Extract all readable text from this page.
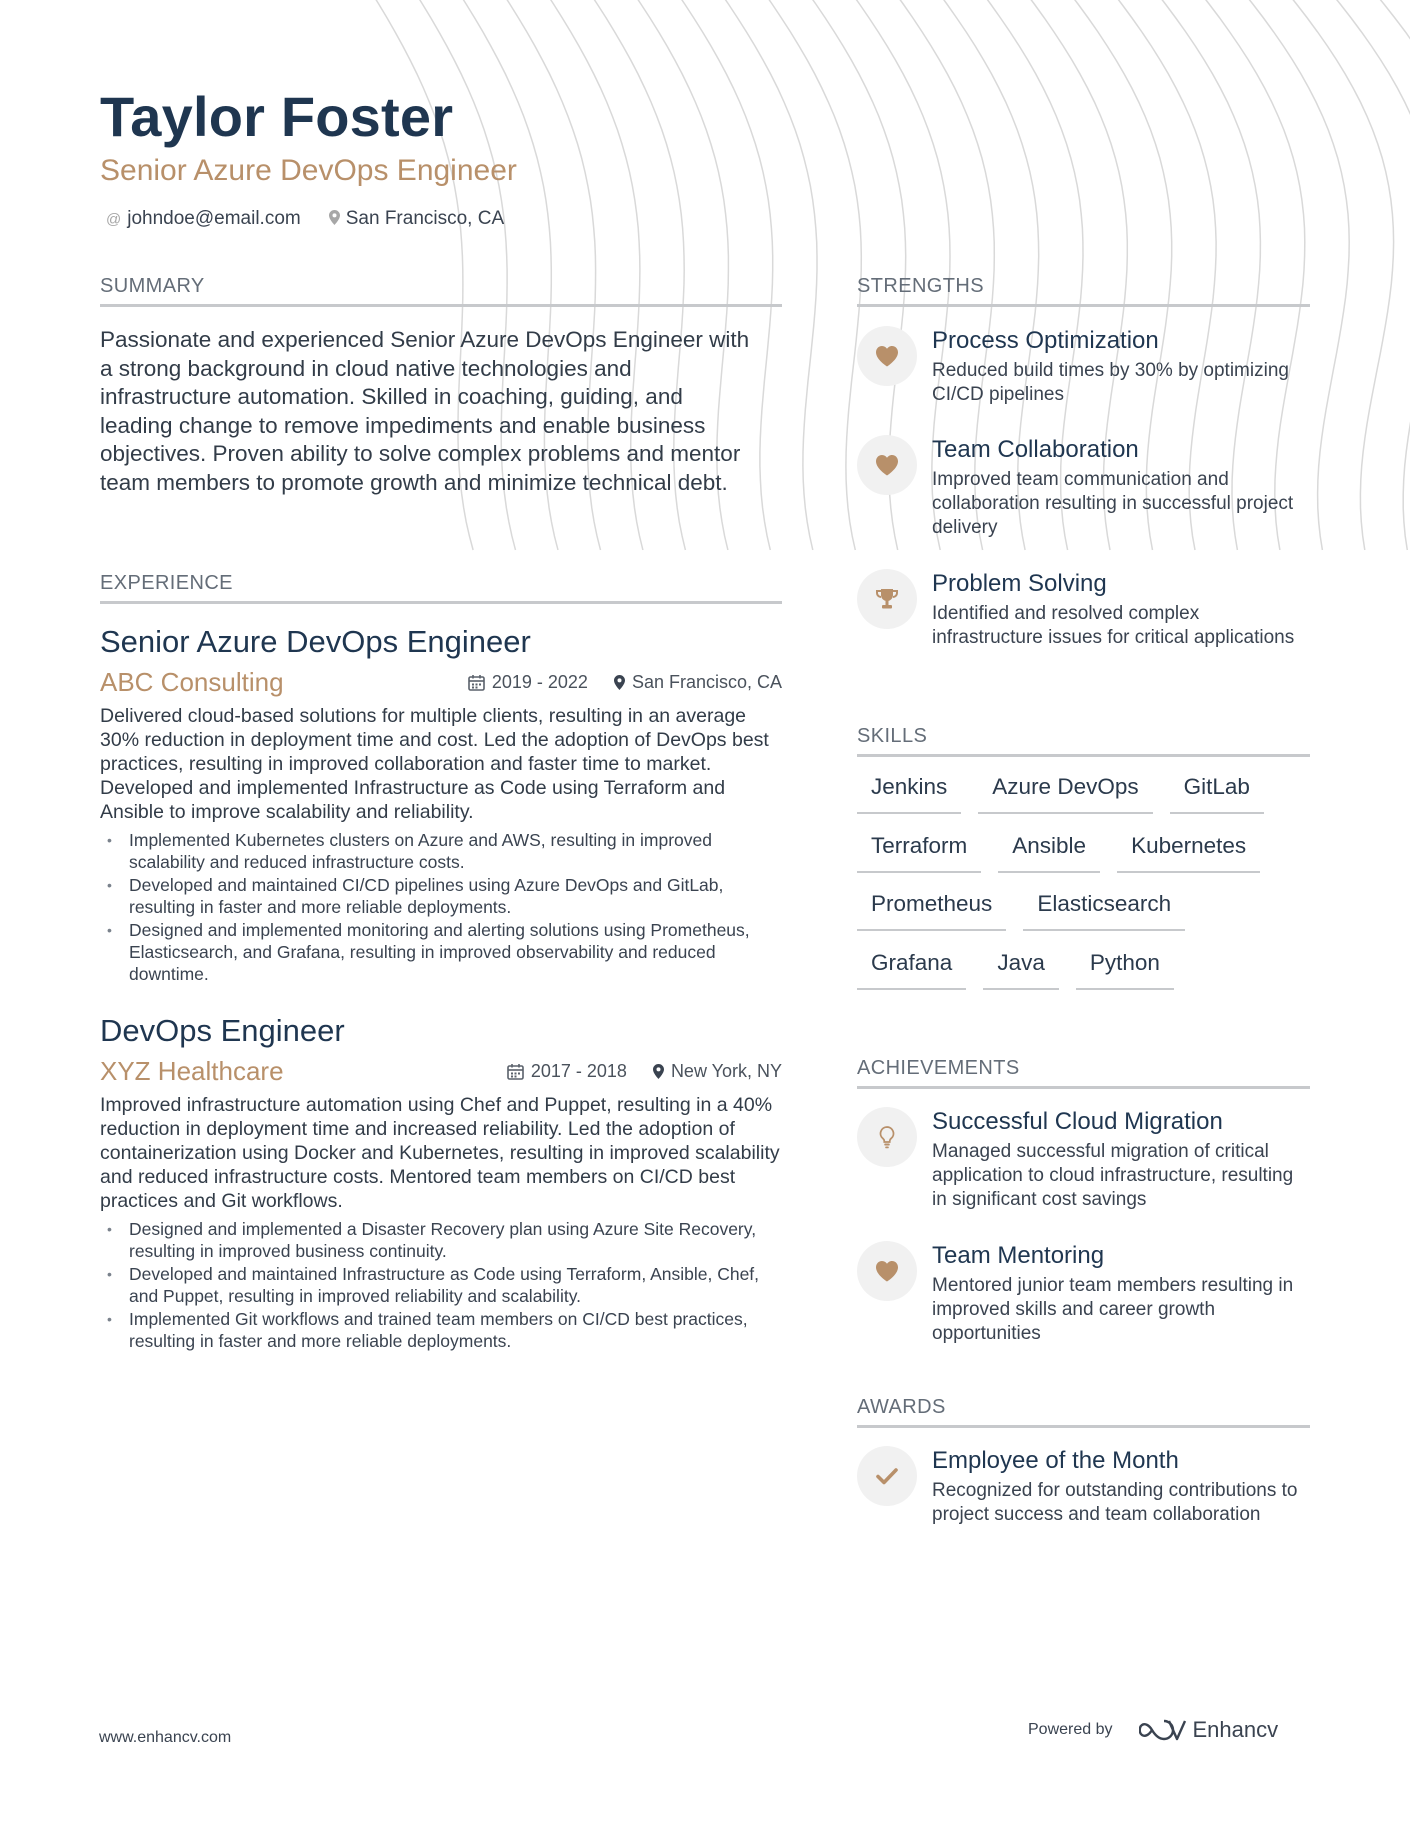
Taylor Foster
Senior Azure DevOps Engineer
@ johndoe@email.com San Francisco, CA
SUMMARY
Passionate and experienced Senior Azure DevOps Engineer with a strong background in cloud native technologies and infrastructure automation. Skilled in coaching, guiding, and leading change to remove impediments and enable business objectives. Proven ability to solve complex problems and mentor team members to promote growth and minimize technical debt.
EXPERIENCE
Senior Azure DevOps Engineer
ABC Consulting	2019 - 2022 San Francisco, CA
Delivered cloud-based solutions for multiple clients, resulting in an average 30% reduction in deployment time and cost. Led the adoption of DevOps best practices, resulting in improved collaboration and faster time to market. Developed and implemented Infrastructure as Code using Terraform and Ansible to improve scalability and reliability.
• Implemented Kubernetes clusters on Azure and AWS, resulting in improved scalability and reduced infrastructure costs.
• Developed and maintained CI/CD pipelines using Azure DevOps and GitLab, resulting in faster and more reliable deployments.
• Designed and implemented monitoring and alerting solutions using Prometheus, Elasticsearch, and Grafana, resulting in improved observability and reduced downtime.
DevOps Engineer
XYZ Healthcare	2017 - 2018 New York, NY
Improved infrastructure automation using Chef and Puppet, resulting in a 40% reduction in deployment time and increased reliability. Led the adoption of containerization using Docker and Kubernetes, resulting in improved scalability and reduced infrastructure costs. Mentored team members on CI/CD best practices and Git workflows.
• Designed and implemented a Disaster Recovery plan using Azure Site Recovery, resulting in improved business continuity.
• Developed and maintained Infrastructure as Code using Terraform, Ansible, Chef, and Puppet, resulting in improved reliability and scalability.
• Implemented Git workflows and trained team members on CI/CD best practices, resulting in faster and more reliable deployments.
STRENGTHS
Process Optimization
Reduced build times by 30% by optimizing CI/CD pipelines
Team Collaboration
Improved team communication and collaboration resulting in successful project delivery
Problem Solving
Identified and resolved complex infrastructure issues for critical applications
SKILLS
Jenkins	Azure DevOps	GitLab
Terraform	Ansible	Kubernetes
Prometheus	Elasticsearch
Grafana	Java	Python
ACHIEVEMENTS
Successful Cloud Migration
Managed successful migration of critical application to cloud infrastructure, resulting in significant cost savings
Team Mentoring
Mentored junior team members resulting in improved skills and career growth opportunities
AWARDS
Employee of the Month
Recognized for outstanding contributions to project success and team collaboration
www.enhancv.com	Powered by	Enhancv
